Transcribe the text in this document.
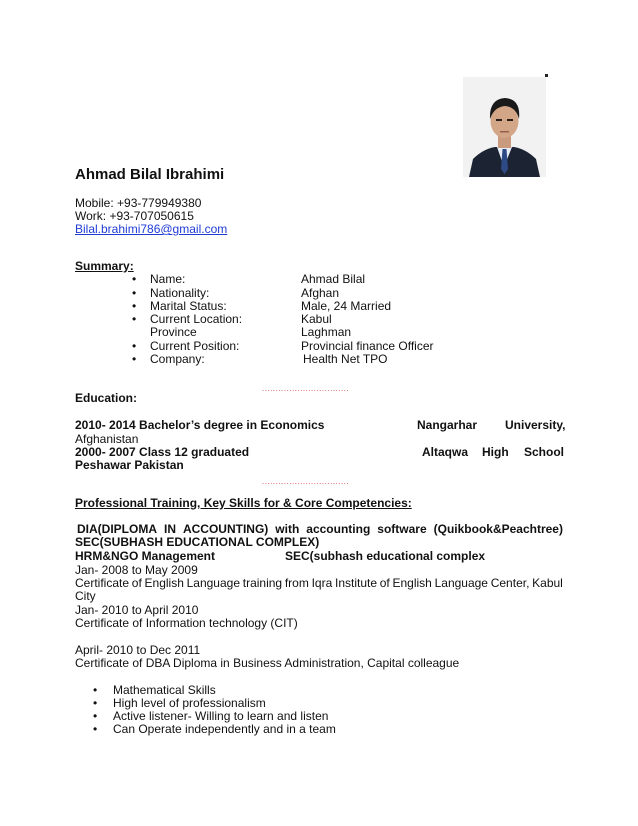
Ahmad Bilal Ibrahimi
Mobile: +93-779949380
Work: +93-707050615
Bilal.brahimi786@gmail.com
Summary:
• Name:	Ahmad Bilal
• Nationality:	Afghan
• Marital Status:	Male, 24 Married
• Current Location:	Kabul
Province	Laghman
• Current Position:	Provincial finance Officer
• Company:	Health Net TPO
................................
Education:
2010- 2014 Bachelor’s degree in Economics	Nangarhar University,
Afghanistan
2000- 2007 Class 12 graduated	Altaqwa High School
Peshawar Pakistan
................................
Professional Training, Key Skills for & Core Competencies:
DIA(DIPLOMA IN ACCOUNTING) with accounting software (Quikbook&Peachtree)
SEC(SUBHASH EDUCATIONAL COMPLEX)
HRM&NGO Management	SEC(subhash educational complex
Jan- 2008 to May 2009
Certificate of English Language training from Iqra Institute of English Language Center, Kabul
City
Jan- 2010 to April 2010
Certificate of Information technology (CIT)
April- 2010 to Dec 2011
Certificate of DBA Diploma in Business Administration, Capital colleague
• Mathematical Skills
• High level of professionalism
• Active listener- Willing to learn and listen
• Can Operate independently and in a team
